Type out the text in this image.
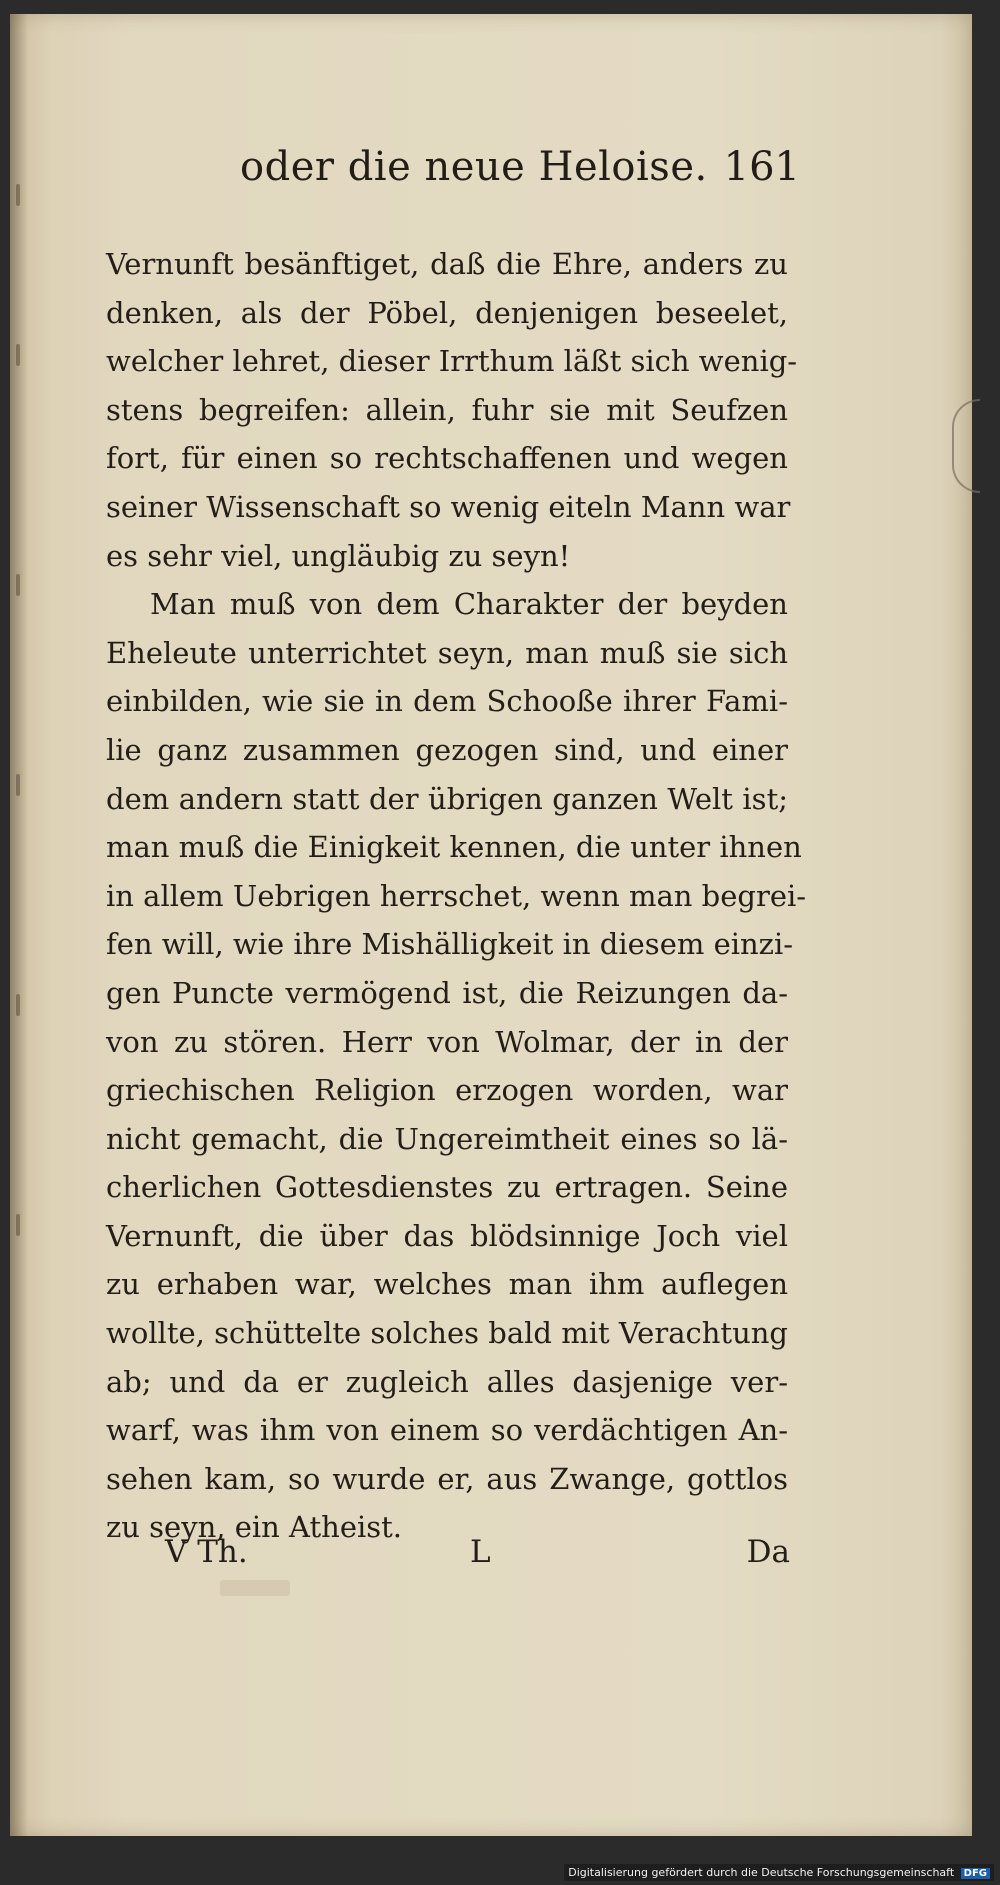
oder die neue Heloise. 161
Vernunft besänftiget, daß die Ehre, anders zu
denken, als der Pöbel, denjenigen beseelet,
welcher lehret, dieser Irrthum läßt sich wenig-
stens begreifen: allein, fuhr sie mit Seufzen
fort, für einen so rechtschaffenen und wegen
seiner Wissenschaft so wenig eiteln Mann war
es sehr viel, ungläubig zu seyn!
Man muß von dem Charakter der beyden
Eheleute unterrichtet seyn, man muß sie sich
einbilden, wie sie in dem Schooße ihrer Fami-
lie ganz zusammen gezogen sind, und einer
dem andern statt der übrigen ganzen Welt ist;
man muß die Einigkeit kennen, die unter ihnen
in allem Uebrigen herrschet, wenn man begrei-
fen will, wie ihre Mishälligkeit in diesem einzi-
gen Puncte vermögend ist, die Reizungen da-
von zu stören. Herr von Wolmar, der in der
griechischen Religion erzogen worden, war
nicht gemacht, die Ungereimtheit eines so lä-
cherlichen Gottesdienstes zu ertragen. Seine
Vernunft, die über das blödsinnige Joch viel
zu erhaben war, welches man ihm auflegen
wollte, schüttelte solches bald mit Verachtung
ab; und da er zugleich alles dasjenige ver-
warf, was ihm von einem so verdächtigen An-
sehen kam, so wurde er, aus Zwange, gottlos
zu seyn, ein Atheist.
V Th.	L	Da
Digitalisierung gefördert durch die Deutsche Forschungsgemeinschaft DFG
